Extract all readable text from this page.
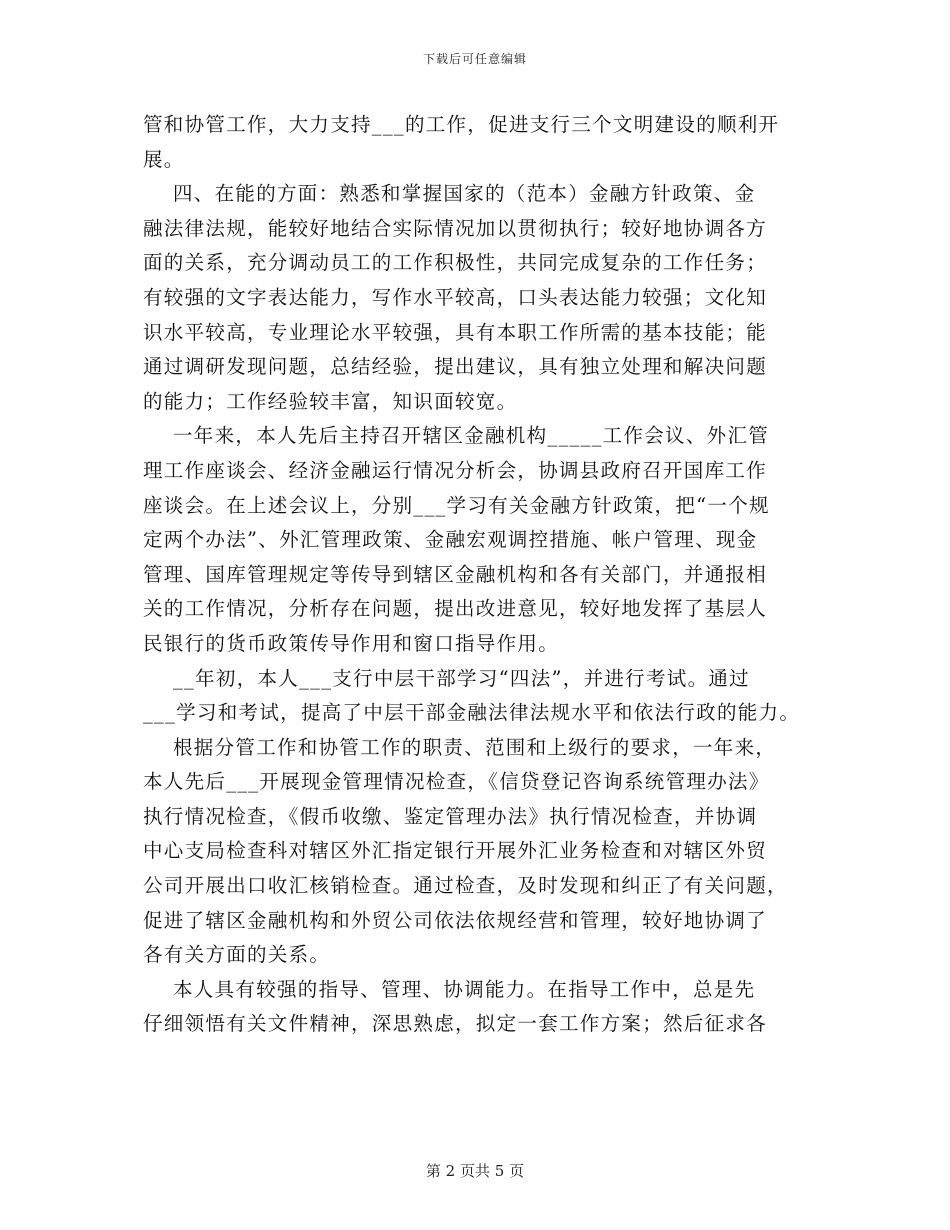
下载后可任意编辑
管和协管工作，大力支持___的工作，促进支行三个文明建设的顺利开
展。
四、在能的方面：熟悉和掌握国家的（范本）金融方针政策、金
融法律法规，能较好地结合实际情况加以贯彻执行；较好地协调各方
面的关系，充分调动员工的工作积极性，共同完成复杂的工作任务；
有较强的文字表达能力，写作水平较高，口头表达能力较强；文化知
识水平较高，专业理论水平较强，具有本职工作所需的基本技能；能
通过调研发现问题，总结经验，提出建议，具有独立处理和解决问题
的能力；工作经验较丰富，知识面较宽。
一年来，本人先后主持召开辖区金融机构_____工作会议、外汇管
理工作座谈会、经济金融运行情况分析会，协调县政府召开国库工作
座谈会。在上述会议上，分别___学习有关金融方针政策，把“一个规
定两个办法”、外汇管理政策、金融宏观调控措施、帐户管理、现金
管理、国库管理规定等传导到辖区金融机构和各有关部门，并通报相
关的工作情况，分析存在问题，提出改进意见，较好地发挥了基层人
民银行的货币政策传导作用和窗口指导作用。
__年初，本人___支行中层干部学习“四法”，并进行考试。通过
___学习和考试，提高了中层干部金融法律法规水平和依法行政的能力。
根据分管工作和协管工作的职责、范围和上级行的要求，一年来，
本人先后___开展现金管理情况检查，《信贷登记咨询系统管理办法》
执行情况检查，《假币收缴、鉴定管理办法》执行情况检查，并协调
中心支局检查科对辖区外汇指定银行开展外汇业务检查和对辖区外贸
公司开展出口收汇核销检查。通过检查，及时发现和纠正了有关问题，
促进了辖区金融机构和外贸公司依法依规经营和管理，较好地协调了
各有关方面的关系。
本人具有较强的指导、管理、协调能力。在指导工作中，总是先
仔细领悟有关文件精神，深思熟虑，拟定一套工作方案；然后征求各
第 2 页共 5 页
